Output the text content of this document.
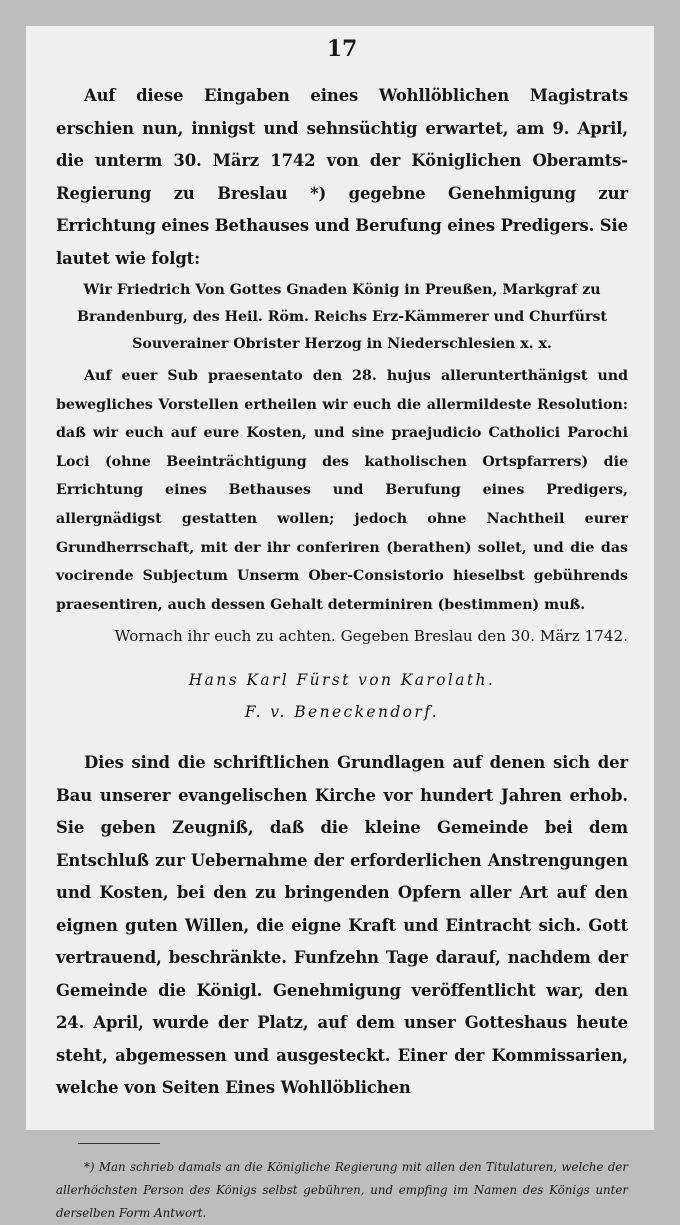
17

Auf diese Eingaben eines Wohllöblichen Magistrats erschien nun, innigst und sehnsüchtig erwartet, am 9. April, die unterm 30. März 1742 von der Königlichen Oberamts-Regierung zu Breslau *) gegebne Genehmigung zur Errichtung eines Bethauses und Berufung eines Predigers. Sie lautet wie folgt:

Wir Friedrich Von Gottes Gnaden König in Preußen, Markgraf zu
Brandenburg, des Heil. Röm. Reichs Erz-Kämmerer und Churfürst
Souverainer Obrister Herzog in Niederschlesien x. x.

Auf euer Sub praesentato den 28. hujus allerunterthänigst und bewegliches Vorstellen ertheilen wir euch die allermildeste Resolution: daß wir euch auf eure Kosten, und sine praejudicio Catholici Parochi Loci (ohne Beeinträchtigung des katholischen Ortspfarrers) die Errichtung eines Bethauses und Berufung eines Predigers, allergnädigst gestatten wollen; jedoch ohne Nachtheil eurer Grundherrschaft, mit der ihr conferiren (berathen) sollet, und die das vocirende Subjectum Unserm Ober-Consistorio hieselbst gebührends praesentiren, auch dessen Gehalt determiniren (bestimmen) muß.

Wornach ihr euch zu achten. Gegeben Breslau den 30. März 1742.

Hans Karl Fürst von Karolath.
F. v. Beneckendorf.

Dies sind die schriftlichen Grundlagen auf denen sich der Bau unserer evangelischen Kirche vor hundert Jahren erhob. Sie geben Zeugniß, daß die kleine Gemeinde bei dem Entschluß zur Uebernahme der erforderlichen Anstrengungen und Kosten, bei den zu bringenden Opfern aller Art auf den eignen guten Willen, die eigne Kraft und Eintracht sich. Gott vertrauend, beschränkte. Funfzehn Tage darauf, nachdem der Gemeinde die Königl. Genehmigung veröffentlicht war, den 24. April, wurde der Platz, auf dem unser Gotteshaus heute steht, abgemessen und ausgesteckt. Einer der Kommissarien, welche von Seiten Eines Wohllöblichen

*) Man schrieb damals an die Königliche Regierung mit allen den Titulaturen, welche der allerhöchsten Person des Königs selbst gebühren, und empfing im Namen des Königs unter derselben Form Antwort.
